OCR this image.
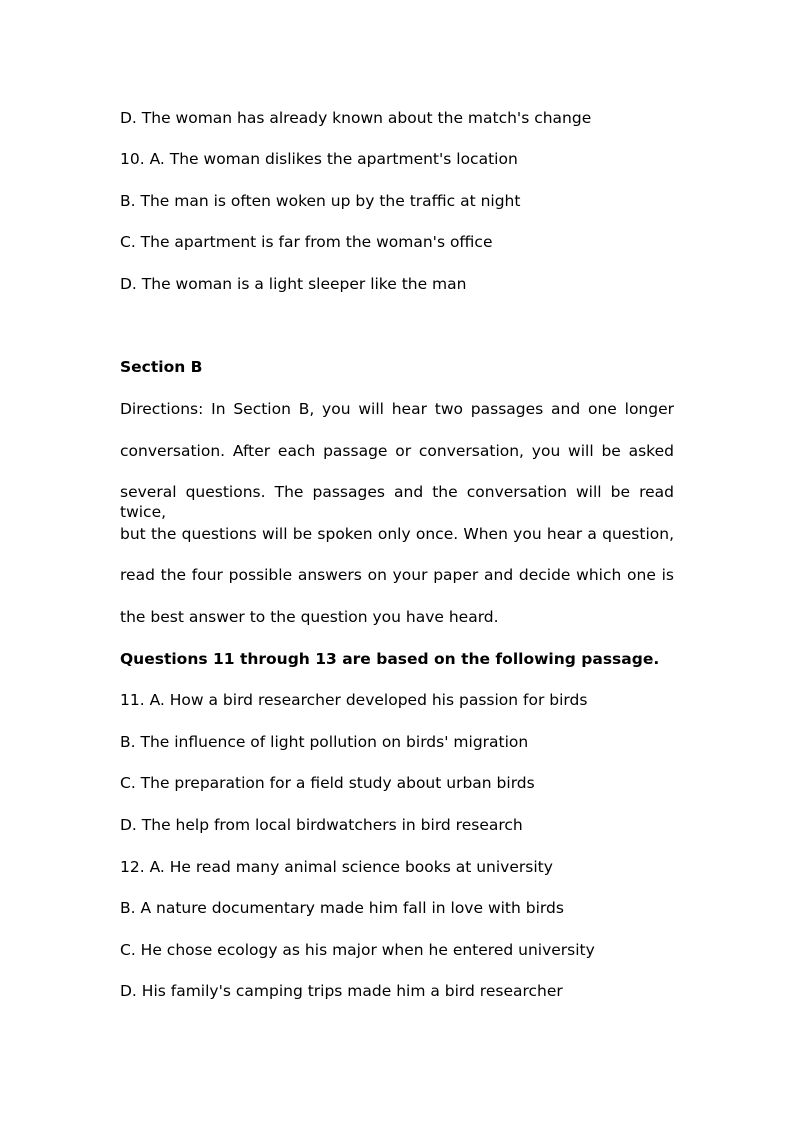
D. The woman has already known about the match's change
10. A. The woman dislikes the apartment's location
B. The man is often woken up by the traffic at night
C. The apartment is far from the woman's office
D. The woman is a light sleeper like the man
Section B
Directions: In Section B, you will hear two passages and one longer
conversation. After each passage or conversation, you will be asked
several questions. The passages and the conversation will be read twice,
but the questions will be spoken only once. When you hear a question,
read the four possible answers on your paper and decide which one is
the best answer to the question you have heard.
Questions 11 through 13 are based on the following passage.
11. A. How a bird researcher developed his passion for birds
B. The influence of light pollution on birds' migration
C. The preparation for a field study about urban birds
D. The help from local birdwatchers in bird research
12. A. He read many animal science books at university
B. A nature documentary made him fall in love with birds
C. He chose ecology as his major when he entered university
D. His family's camping trips made him a bird researcher
